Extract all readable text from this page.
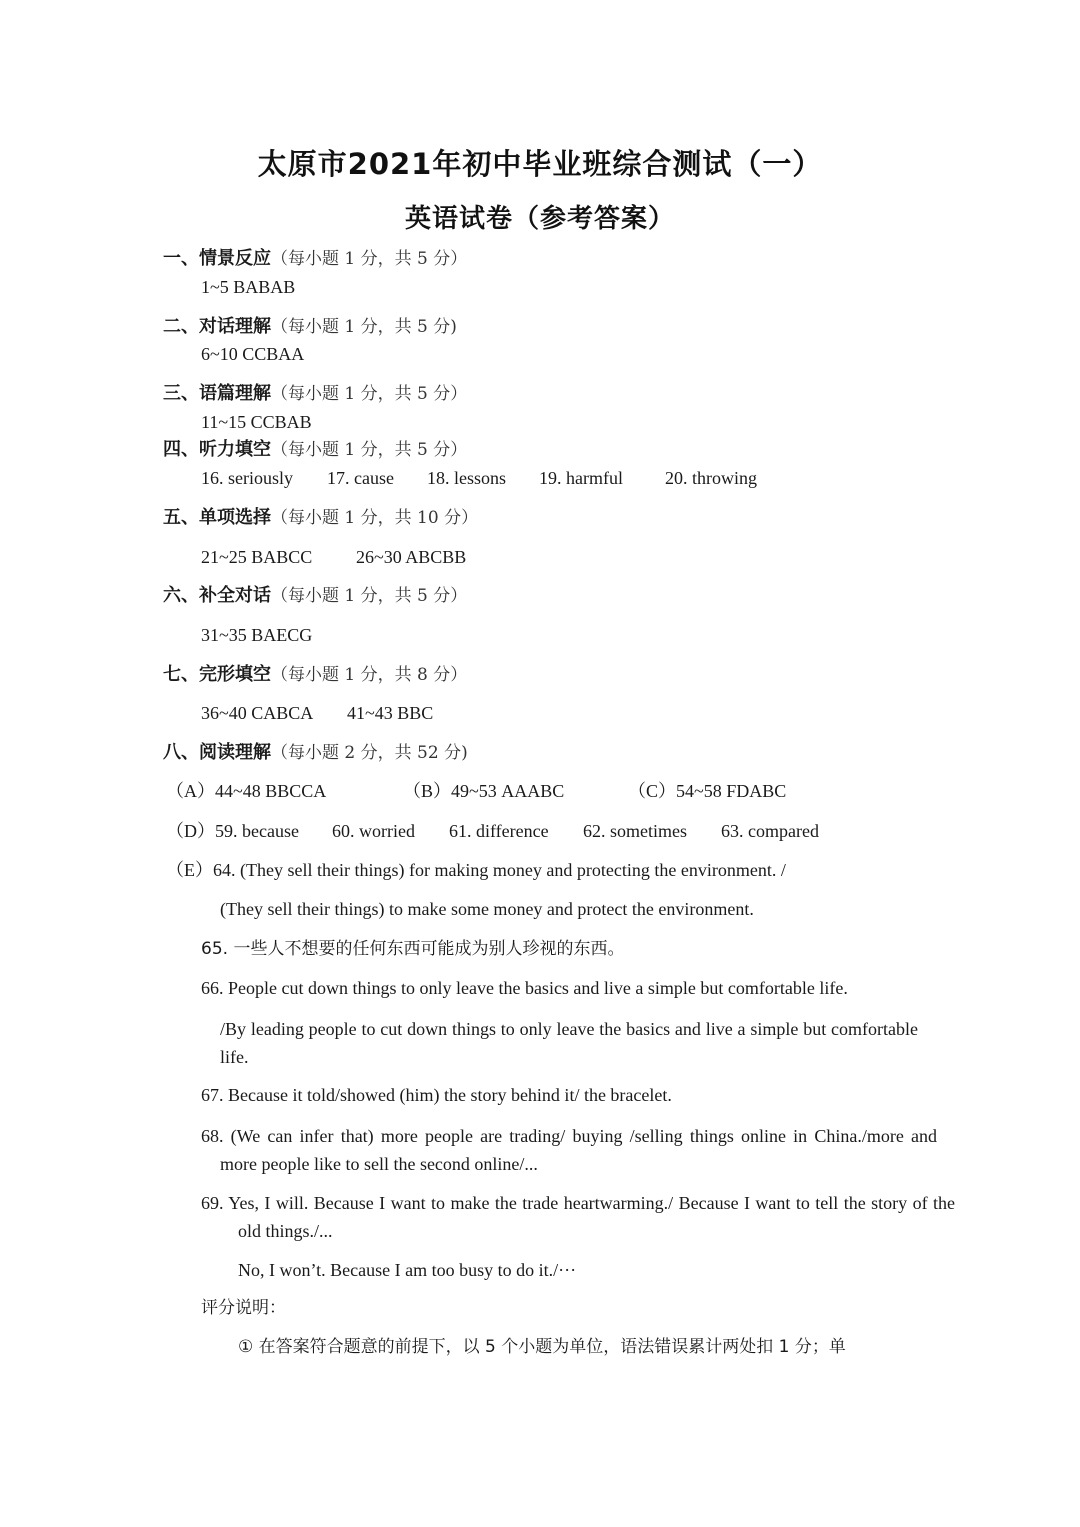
太原市2021年初中毕业班综合测试（一）
英语试卷（参考答案）
一、情景反应（每小题 1 分，共 5 分）
1~5 BABAB
二、对话理解（每小题 1 分，共 5 分)
6~10 CCBAA
三、语篇理解（每小题 1 分，共 5 分）
11~15 CCBAB
四、听力填空（每小题 1 分，共 5 分）
16. seriously 17. cause 18. lessons 19. harmful 20. throwing
五、单项选择（每小题 1 分，共 10 分）
21~25 BABCC 26~30 ABCBB
六、补全对话（每小题 1 分，共 5 分）
31~35 BAECG
七、完形填空（每小题 1 分，共 8 分）
36~40 CABCA 41~43 BBC
八、阅读理解（每小题 2 分，共 52 分)
（A）44~48 BBCCA	（B）49~53 AAABC	（C）54~58 FDABC
（D）59. because 60. worried 61. difference 62. sometimes 63. compared
（E）64. (They sell their things) for making money and protecting the environment. /
(They sell their things) to make some money and protect the environment.
65. 一些人不想要的任何东西可能成为别人珍视的东西。
66. People cut down things to only leave the basics and live a simple but comfortable life.
/By leading people to cut down things to only leave the basics and live a simple but comfortable life.
67. Because it told/showed (him) the story behind it/ the bracelet.
68. (We can infer that) more people are trading/ buying /selling things online in China./more and more people like to sell the second online/...
69. Yes, I will. Because I want to make the trade heartwarming./ Because I want to tell the story of the old things./...
No, I won’t. Because I am too busy to do it./···
评分说明：
① 在答案符合题意的前提下，以 5 个小题为单位，语法错误累计两处扣 1 分；单
